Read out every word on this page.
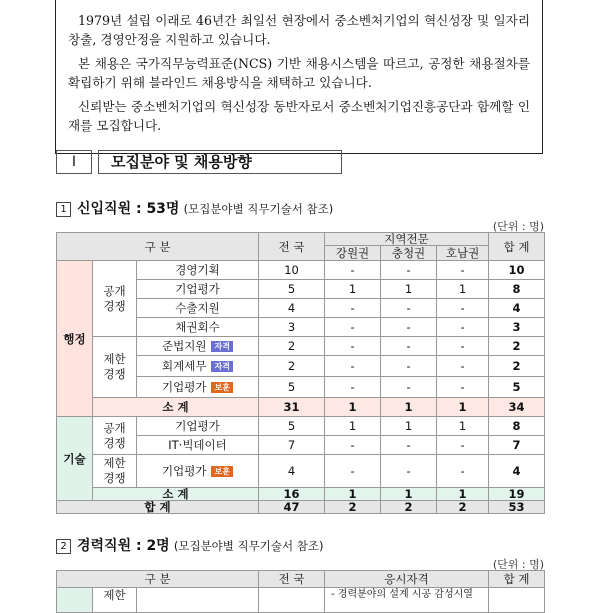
1979년 설립 이래로 46년간 최일선 현장에서 중소벤처기업의 혁신성장 및 일자리 창출, 경영안정을 지원하고 있습니다.

본 채용은 국가직무능력표준(NCS) 기반 채용시스템을 따르고, 공정한 채용절차를 확립하기 위해 블라인드 채용방식을 채택하고 있습니다.

신뢰받는 중소벤처기업의 혁신성장 동반자로서 중소벤처기업진흥공단과 함께할 인재를 모집합니다.

Ⅰ	모집분야 및 채용방향
1 신입직원 : 53명 (모집분야별 직무기술서 참조)
(단위 : 명)
구 분			전 국	지역전문			합 계
				강원권	충청권	호남권	
행정	공개
경쟁	경영기획	10	-	-	-	10
		기업평가	5	1	1	1	8
		수출지원	4	-	-	-	4
		채권회수	3	-	-	-	3
	제한
경쟁	준법지원 자격	2	-	-	-	2
		회계세무 자격	2	-	-	-	2
		기업평가 보훈	5	-	-	-	5
	소 계		31	1	1	1	34
기술	공개
경쟁	기업평가	5	1	1	1	8
		IT·빅데이터	7	-	-	-	7
	제한
경쟁	기업평가 보훈	4	-	-	-	4
	소 계		16	1	1	1	19
합 계			47	2	2	2	53
2 경력직원 : 2명 (모집분야별 직무기술서 참조)
(단위 : 명)
구 분			전 국	응시자격	합 계
	제한			- 경력분야의 설계 시공 감성시열	
